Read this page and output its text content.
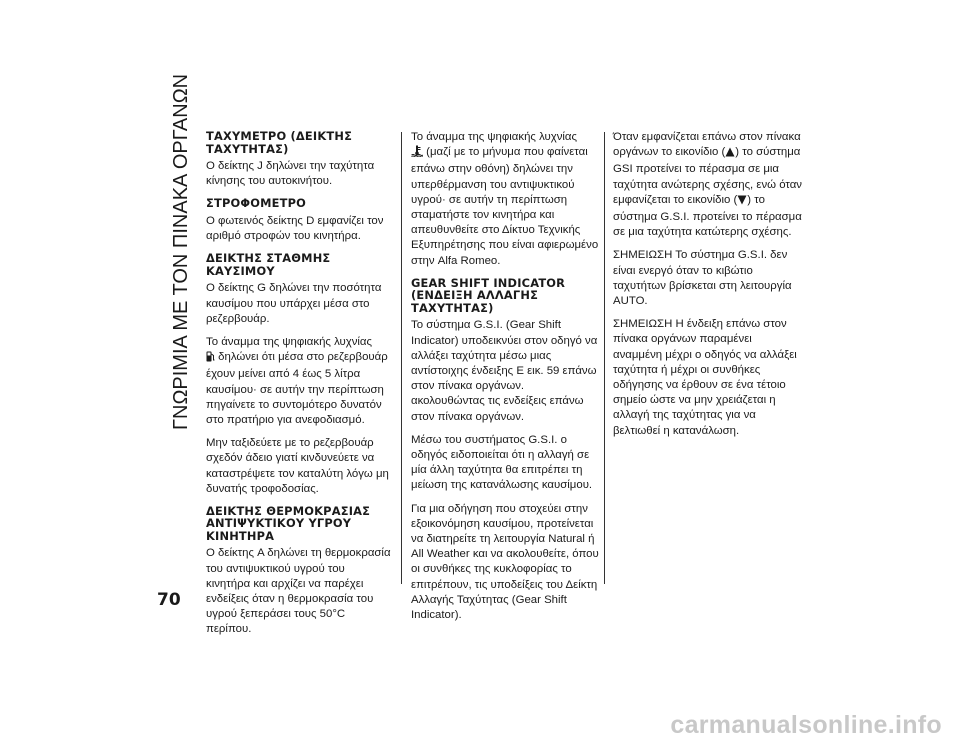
ΓΝΩΡΙΜΙΑ ΜΕ ΤΟΝ ΠΙΝΑΚΑ ΟΡΓΑΝΩΝ	ΤΑΧΥΜΕΤΡΟ (ΔΕΙΚΤΗΣ ΤΑΧΥΤΗΤΑΣ)

Ο δείκτης J δηλώνει την ταχύτητα κίνησης του αυτοκινήτου.

ΣΤΡΟΦΟΜΕΤΡΟ

Ο φωτεινός δείκτης D εμφανίζει τον αριθμό στροφών του κινητήρα.

ΔΕΙΚΤΗΣ ΣΤΑΘΜΗΣ ΚΑΥΣΙΜΟΥ

Ο δείκτης G δηλώνει την ποσότητα καυσίμου που υπάρχει μέσα στο ρεζερβουάρ.

Το άναμμα της ψηφιακής λυχνίας
δηλώνει ότι μέσα στο ρεζερβουάρ έχουν μείνει από 4 έως 5 λίτρα καυσίμου· σε αυτήν την περίπτωση πηγαίνετε το συντομότερο δυνατόν στο πρατήριο για ανεφοδιασμό.

Μην ταξιδεύετε με το ρεζερβουάρ σχεδόν άδειο γιατί κινδυνεύετε να καταστρέψετε τον καταλύτη λόγω μη δυνατής τροφοδοσίας.

ΔΕΙΚΤΗΣ ΘΕΡΜΟΚΡΑΣΙΑΣ ΑΝΤΙΨΥΚΤΙΚΟΥ ΥΓΡΟΥ ΚΙΝΗΤΗΡΑ

Ο δείκτης A δηλώνει τη θερμοκρασία του αντιψυκτικού υγρού του κινητήρα και αρχίζει να παρέχει ενδείξεις όταν η θερμοκρασία του υγρού ξεπεράσει τους 50°C περίπου.

Το άναμμα της ψηφιακής λυχνίας
(μαζί με το μήνυμα που φαίνεται επάνω στην οθόνη) δηλώνει την υπερθέρμανση του αντιψυκτικού υγρού· σε αυτήν τη περίπτωση σταματήστε τον κινητήρα και απευθυνθείτε στο Δίκτυο Τεχνικής Εξυπηρέτησης που είναι αφιερωμένο στην Alfa Romeo.

GEAR SHIFT INDICATOR (ΕΝΔΕΙΞΗ ΑΛΛΑΓΗΣ ΤΑΧΥΤΗΤΑΣ)

Το σύστημα G.S.I. (Gear Shift Indicator) υποδεικνύει στον οδηγό να αλλάξει ταχύτητα μέσω μιας αντίστοιχης ένδειξης E εικ. 59 επάνω στον πίνακα οργάνων. ακολουθώντας τις ενδείξεις επάνω στον πίνακα οργάνων.

Μέσω του συστήματος G.S.I. ο οδηγός ειδοποιείται ότι η αλλαγή σε μία άλλη ταχύτητα θα επιτρέπει τη μείωση της κατανάλωσης καυσίμου.

Για μια οδήγηση που στοχεύει στην εξοικονόμηση καυσίμου, προτείνεται να διατηρείτε τη λειτουργία Natural ή All Weather και να ακολουθείτε, όπου οι συνθήκες της κυκλοφορίας το επιτρέπουν, τις υποδείξεις του Δείκτη Αλλαγής Ταχύτητας (Gear Shift Indicator).

Όταν εμφανίζεται επάνω στον πίνακα οργάνων το εικονίδιο ( ) το σύστημα GSI προτείνει το πέρασμα σε μια ταχύτητα ανώτερης σχέσης, ενώ όταν εμφανίζεται το εικονίδιο ( ) το σύστημα G.S.I. προτείνει το πέρασμα σε μια ταχύτητα κατώτερης σχέσης.

ΣΗΜΕΙΩΣΗ Το σύστημα G.S.I. δεν είναι ενεργό όταν το κιβώτιο ταχυτήτων βρίσκεται στη λειτουργία AUTO.

ΣΗΜΕΙΩΣΗ Η ένδειξη επάνω στον πίνακα οργάνων παραμένει αναμμένη μέχρι ο οδηγός να αλλάξει ταχύτητα ή μέχρι οι συνθήκες οδήγησης να έρθουν σε ένα τέτοιο σημείο ώστε να μην χρειάζεται η αλλαγή της ταχύτητας για να βελτιωθεί η κατανάλωση.

70
carmanualsonline.info
